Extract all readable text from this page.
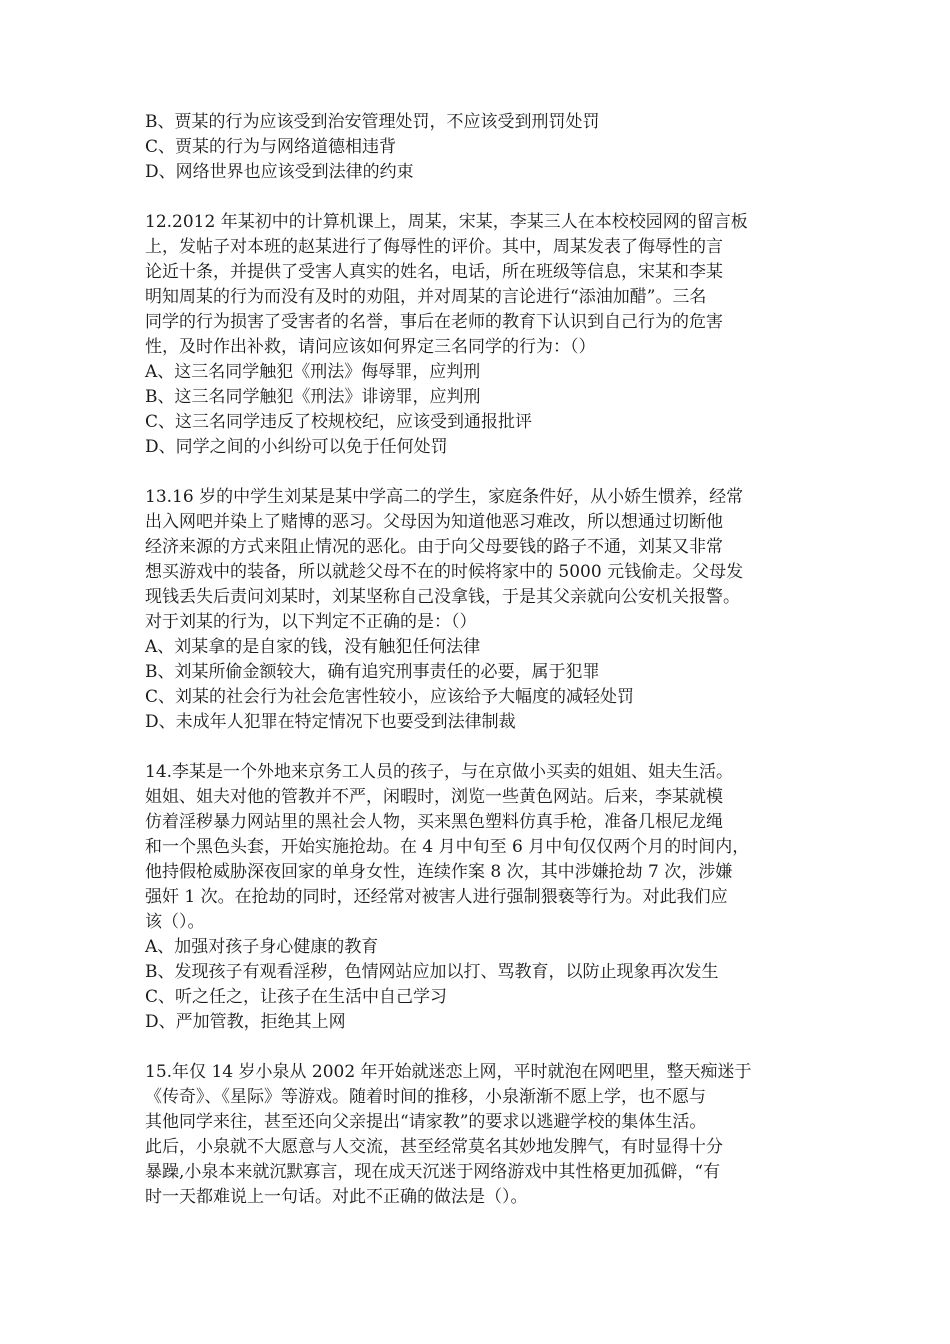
B、贾某的行为应该受到治安管理处罚，不应该受到刑罚处罚
C、贾某的行为与网络道德相违背
D、网络世界也应该受到法律的约束
12.2012 年某初中的计算机课上，周某，宋某，李某三人在本校校园网的留言板
上，发帖子对本班的赵某进行了侮辱性的评价。其中，周某发表了侮辱性的言
论近十条，并提供了受害人真实的姓名，电话，所在班级等信息，宋某和李某
明知周某的行为而没有及时的劝阻，并对周某的言论进行“添油加醋”。三名
同学的行为损害了受害者的名誉，事后在老师的教育下认识到自己行为的危害
性，及时作出补救，请问应该如何界定三名同学的行为：（）
A、这三名同学触犯《刑法》侮辱罪，应判刑
B、这三名同学触犯《刑法》诽谤罪，应判刑
C、这三名同学违反了校规校纪，应该受到通报批评
D、同学之间的小纠纷可以免于任何处罚
13.16 岁的中学生刘某是某中学高二的学生，家庭条件好，从小娇生惯养，经常
出入网吧并染上了赌博的恶习。父母因为知道他恶习难改，所以想通过切断他
经济来源的方式来阻止情况的恶化。由于向父母要钱的路子不通，刘某又非常
想买游戏中的装备，所以就趁父母不在的时候将家中的 5000 元钱偷走。父母发
现钱丢失后责问刘某时，刘某坚称自己没拿钱，于是其父亲就向公安机关报警。
对于刘某的行为，以下判定不正确的是：（）
A、刘某拿的是自家的钱，没有触犯任何法律
B、刘某所偷金额较大，确有追究刑事责任的必要，属于犯罪
C、刘某的社会行为社会危害性较小，应该给予大幅度的减轻处罚
D、未成年人犯罪在特定情况下也要受到法律制裁
14.李某是一个外地来京务工人员的孩子，与在京做小买卖的姐姐、姐夫生活。
姐姐、姐夫对他的管教并不严，闲暇时，浏览一些黄色网站。后来，李某就模
仿着淫秽暴力网站里的黑社会人物，买来黑色塑料仿真手枪，准备几根尼龙绳
和一个黑色头套，开始实施抢劫。在 4 月中旬至 6 月中旬仅仅两个月的时间内，
他持假枪威胁深夜回家的单身女性，连续作案 8 次，其中涉嫌抢劫 7 次，涉嫌
强奸 1 次。在抢劫的同时，还经常对被害人进行强制猥亵等行为。对此我们应
该（）。
A、加强对孩子身心健康的教育
B、发现孩子有观看淫秽，色情网站应加以打、骂教育，以防止现象再次发生
C、听之任之，让孩子在生活中自己学习
D、严加管教，拒绝其上网
15.年仅 14 岁小泉从 2002 年开始就迷恋上网，平时就泡在网吧里，整天痴迷于
《传奇》、《星际》等游戏。随着时间的推移，小泉渐渐不愿上学，也不愿与
其他同学来往，甚至还向父亲提出“请家教”的要求以逃避学校的集体生活。
此后，小泉就不大愿意与人交流，甚至经常莫名其妙地发脾气，有时显得十分
暴躁,小泉本来就沉默寡言，现在成天沉迷于网络游戏中其性格更加孤僻，“有
时一天都难说上一句话。对此不正确的做法是（）。
